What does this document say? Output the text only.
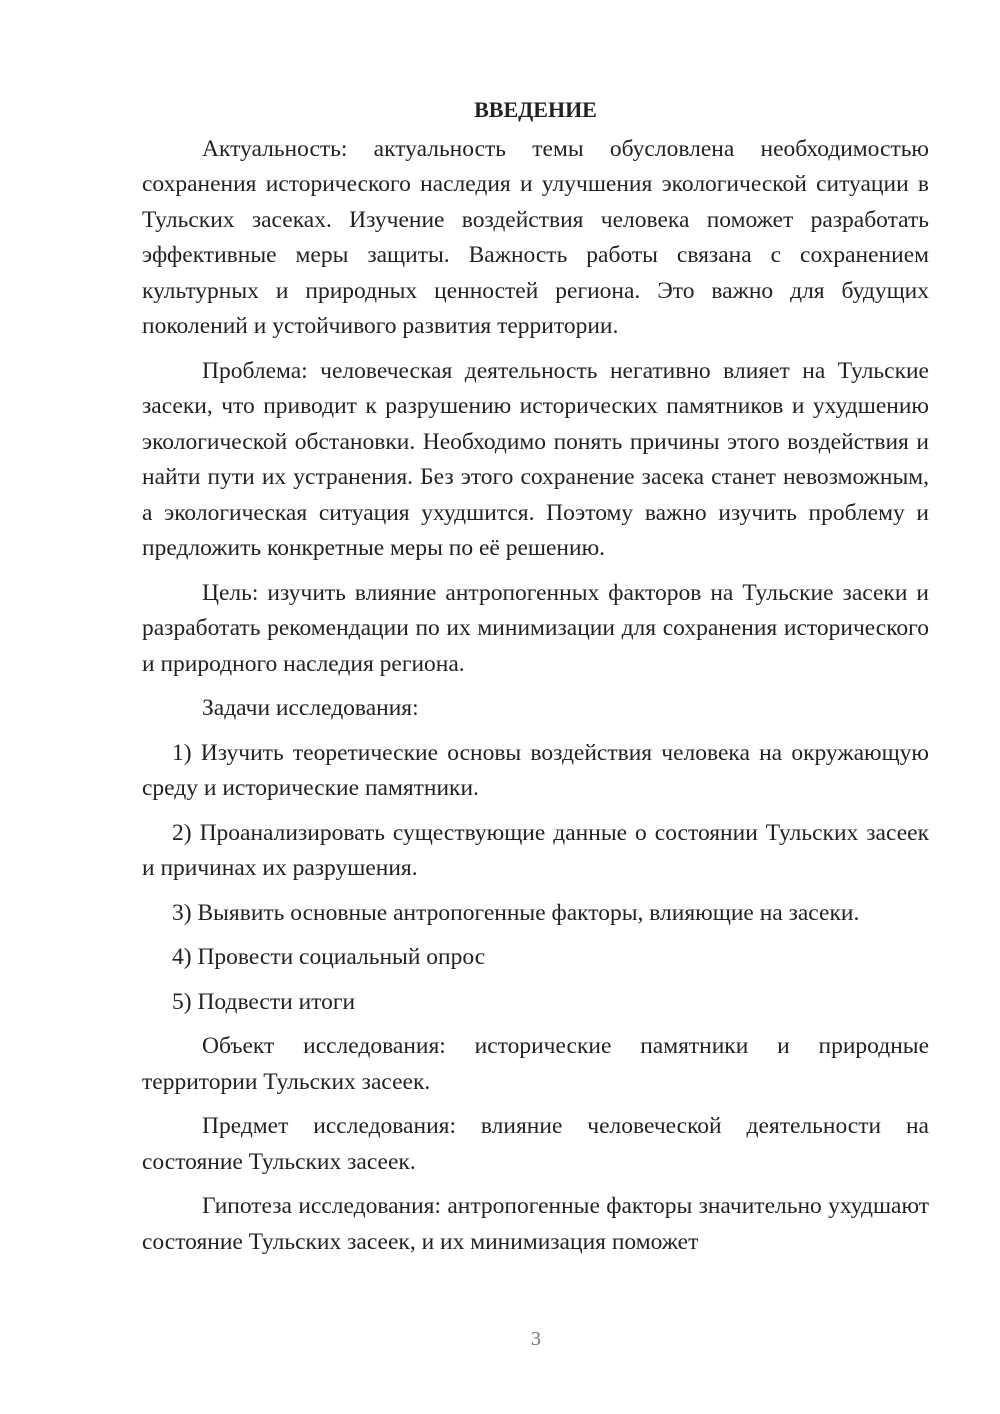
ВВЕДЕНИЕ

Актуальность: актуальность темы обусловлена необходимостью сохранения исторического наследия и улучшения экологической ситуации в Тульских засеках. Изучение воздействия человека поможет разработать эффективные меры защиты. Важность работы связана с сохранением культурных и природных ценностей региона. Это важно для будущих поколений и устойчивого развития территории.

Проблема: человеческая деятельность негативно влияет на Тульские засеки, что приводит к разрушению исторических памятников и ухудшению экологической обстановки. Необходимо понять причины этого воздействия и найти пути их устранения. Без этого сохранение засека станет невозможным, а экологическая ситуация ухудшится. Поэтому важно изучить проблему и предложить конкретные меры по её решению.

Цель: изучить влияние антропогенных факторов на Тульские засеки и разработать рекомендации по их минимизации для сохранения исторического и природного наследия региона.

Задачи исследования:

1) Изучить теоретические основы воздействия человека на окружающую среду и исторические памятники.

2) Проанализировать существующие данные о состоянии Тульских засеек и причинах их разрушения.

3) Выявить основные антропогенные факторы, влияющие на засеки.

4) Провести социальный опрос

5) Подвести итоги

Объект исследования: исторические памятники и природные территории Тульских засеек.

Предмет исследования: влияние человеческой деятельности на состояние Тульских засеек.

Гипотеза исследования: антропогенные факторы значительно ухудшают состояние Тульских засеек, и их минимизация поможет

3
